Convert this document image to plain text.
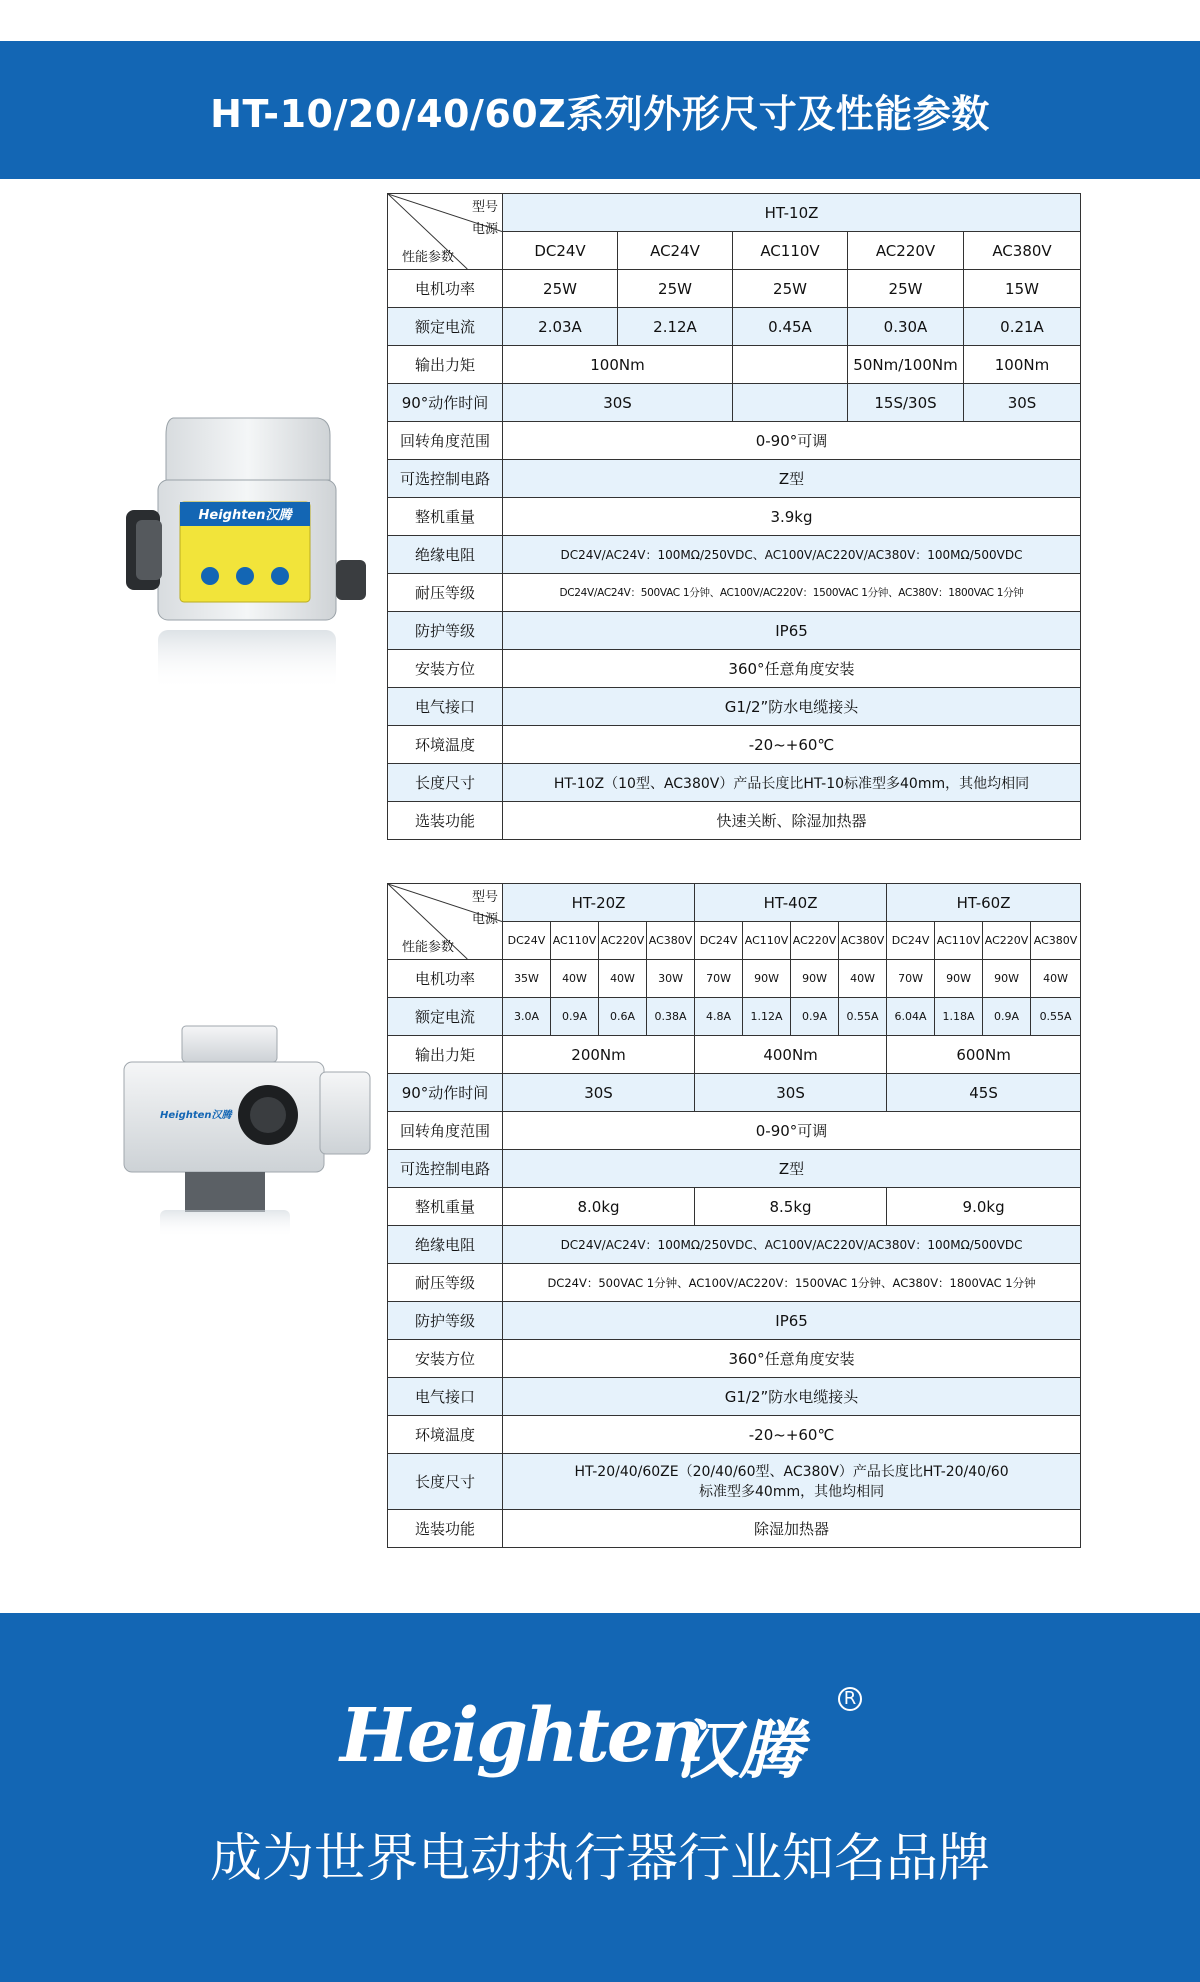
HT-10/20/40/60Z系列外形尺寸及性能参数
Heighten汉腾
型号
电源
性能参数	HT-10Z				
	DC24V	AC24V	AC110V	AC220V	AC380V
电机功率	25W	25W	25W	25W	15W
额定电流	2.03A	2.12A	0.45A	0.30A	0.21A
输出力矩	100Nm			50Nm/100Nm	100Nm
90°动作时间	30S			15S/30S	30S
回转角度范围	0-90°可调				
可选控制电路	Z型				
整机重量	3.9kg				
绝缘电阻	DC24V/AC24V：100MΩ/250VDC、AC100V/AC220V/AC380V：100MΩ/500VDC				
耐压等级	DC24V/AC24V：500VAC 1分钟、AC100V/AC220V：1500VAC 1分钟、AC380V：1800VAC 1分钟				
防护等级	IP65				
安装方位	360°任意角度安装				
电气接口	G1/2”防水电缆接头				
环境温度	-20~+60℃				
长度尺寸	HT-10Z（10型、AC380V）产品长度比HT-10标准型多40mm，其他均相同				
选装功能	快速关断、除湿加热器				
Heighten汉腾
型号
电源
性能参数	HT-20Z				HT-40Z				HT-60Z			
	DC24V	AC110V	AC220V	AC380V	DC24V	AC110V	AC220V	AC380V	DC24V	AC110V	AC220V	AC380V
电机功率	35W	40W	40W	30W	70W	90W	90W	40W	70W	90W	90W	40W
额定电流	3.0A	0.9A	0.6A	0.38A	4.8A	1.12A	0.9A	0.55A	6.04A	1.18A	0.9A	0.55A
输出力矩	200Nm				400Nm				600Nm			
90°动作时间	30S				30S				45S			
回转角度范围	0-90°可调											
可选控制电路	Z型											
整机重量	8.0kg				8.5kg				9.0kg			
绝缘电阻	DC24V/AC24V：100MΩ/250VDC、AC100V/AC220V/AC380V：100MΩ/500VDC											
耐压等级	DC24V：500VAC 1分钟、AC100V/AC220V：1500VAC 1分钟、AC380V：1800VAC 1分钟											
防护等级	IP65											
安装方位	360°任意角度安装											
电气接口	G1/2”防水电缆接头											
环境温度	-20~+60℃											
长度尺寸	HT-20/40/60ZE（20/40/60型、AC380V）产品长度比HT-20/40/60
标准型多40mm，其他均相同											

选装功能	除湿加热器											
Heighten
汉腾
R
成为世界电动执行器行业知名品牌
